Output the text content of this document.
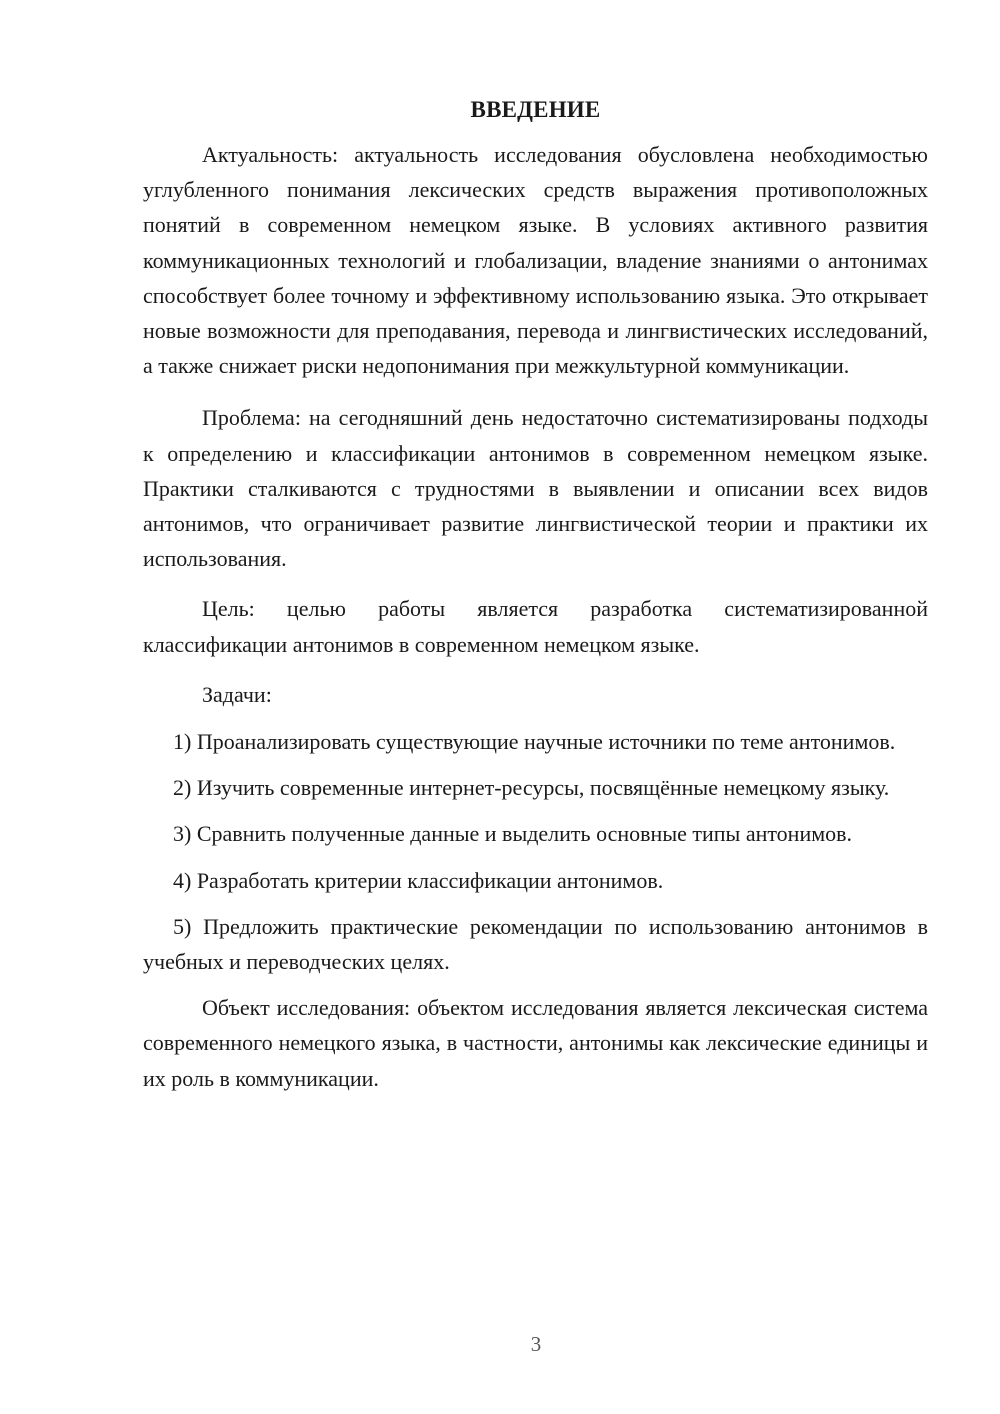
ВВЕДЕНИЕ

Актуальность: актуальность исследования обусловлена необходимостью углубленного понимания лексических средств выражения противоположных понятий в современном немецком языке. В условиях активного развития коммуникационных технологий и глобализации, владение знаниями о антонимах способствует более точному и эффективному использованию языка. Это открывает новые возможности для преподавания, перевода и лингвистических исследований, а также снижает риски недопонимания при межкультурной коммуникации.

Проблема: на сегодняшний день недостаточно систематизированы подходы к определению и классификации антонимов в современном немецком языке. Практики сталкиваются с трудностями в выявлении и описании всех видов антонимов, что ограничивает развитие лингвистической теории и практики их использования.

Цель: целью работы является разработка систематизированной классификации антонимов в современном немецком языке.

Задачи:

1) Проанализировать существующие научные источники по теме антонимов.

2) Изучить современные интернет-ресурсы, посвящённые немецкому языку.

3) Сравнить полученные данные и выделить основные типы антонимов.

4) Разработать критерии классификации антонимов.

5) Предложить практические рекомендации по использованию антонимов в учебных и переводческих целях.

Объект исследования: объектом исследования является лексическая система современного немецкого языка, в частности, антонимы как лексические единицы и их роль в коммуникации.

3
